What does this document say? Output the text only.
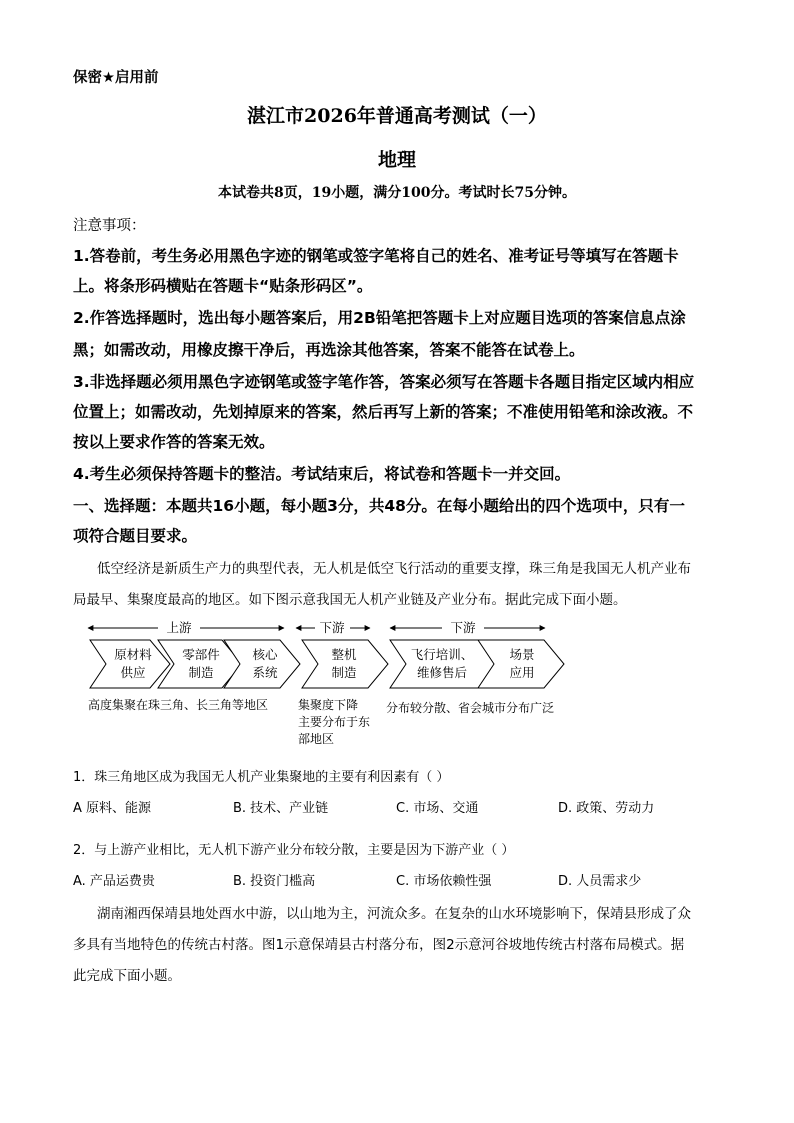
保密★启用前
湛江市2026年普通高考测试（一）
地理
本试卷共8页，19小题，满分100分。考试时长75分钟。
注意事项：
1.答卷前，考生务必用黑色字迹的钢笔或签字笔将自己的姓名、准考证号等填写在答题卡
上。将条形码横贴在答题卡“贴条形码区”。
2.作答选择题时，选出每小题答案后，用2B铅笔把答题卡上对应题目选项的答案信息点涂
黑；如需改动，用橡皮擦干净后，再选涂其他答案，答案不能答在试卷上。
3.非选择题必须用黑色字迹钢笔或签字笔作答，答案必须写在答题卡各题目指定区域内相应
位置上；如需改动，先划掉原来的答案，然后再写上新的答案；不准使用铅笔和涂改液。不
按以上要求作答的答案无效。
4.考生必须保持答题卡的整洁。考试结束后，将试卷和答题卡一并交回。
一、选择题：本题共16小题，每小题3分，共48分。在每小题给出的四个选项中，只有一
项符合题目要求。
低空经济是新质生产力的典型代表，无人机是低空飞行活动的重要支撑，珠三角是我国无人机产业布
局最早、集聚度最高的地区。如下图示意我国无人机产业链及产业分布。据此完成下面小题。
上游	下游	下游
原材料
供应
零部件
制造
核心
系统
整机
制造
飞行培训、
维修售后
场景
应用
高度集聚在珠三角、长三角等地区 集聚度下降
主要分布于东
部地区
分布较分散、省会城市分布广泛
1．珠三角地区成为我国无人机产业集聚地的主要有利因素有（ ）
A 原料、能源	B. 技术、产业链	C. 市场、交通	D. 政策、劳动力
2．与上游产业相比，无人机下游产业分布较分散，主要是因为下游产业（ ）
A. 产品运费贵	B. 投资门槛高	C. 市场依赖性强	D. 人员需求少
湖南湘西保靖县地处酉水中游，以山地为主，河流众多。在复杂的山水环境影响下，保靖县形成了众
多具有当地特色的传统古村落。图1示意保靖县古村落分布，图2示意河谷坡地传统古村落布局模式。据
此完成下面小题。
